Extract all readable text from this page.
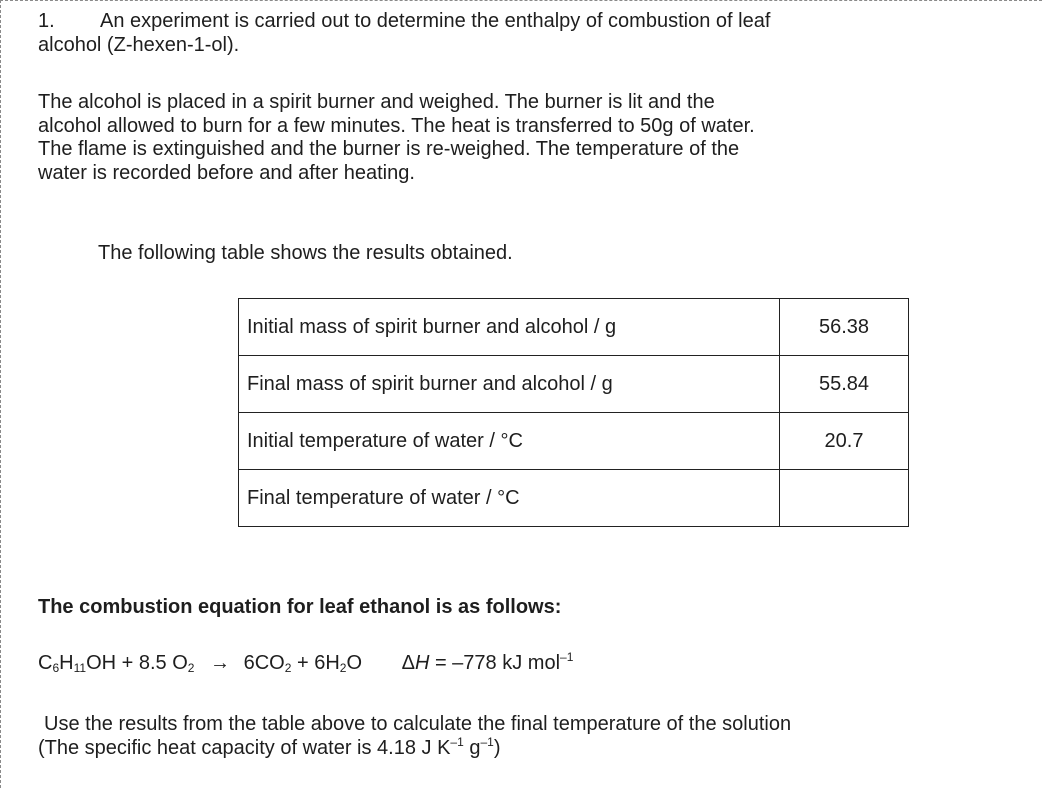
1. An experiment is carried out to determine the enthalpy of combustion of leaf
alcohol (Z-hexen-1-ol).
The alcohol is placed in a spirit burner and weighed. The burner is lit and the
alcohol allowed to burn for a few minutes. The heat is transferred to 50g of water.
The flame is extinguished and the burner is re-weighed. The temperature of the
water is recorded before and after heating.
The following table shows the results obtained.
Initial mass of spirit burner and alcohol / g	56.38
Final mass of spirit burner and alcohol / g	55.84
Initial temperature of water / °C	20.7
Final temperature of water / °C	
The combustion equation for leaf ethanol is as follows:
$C_6H_{11}OH + 8.5$ $O_2 \to 6CO_2 + 6H_2O$ ΔH = –778 kJ mol$^{-1}$
Use the results from the table above to calculate the final temperature of the solution
(The specific heat capacity of water is 4.18 J $K^{-1}$ $g^{-1}$)
